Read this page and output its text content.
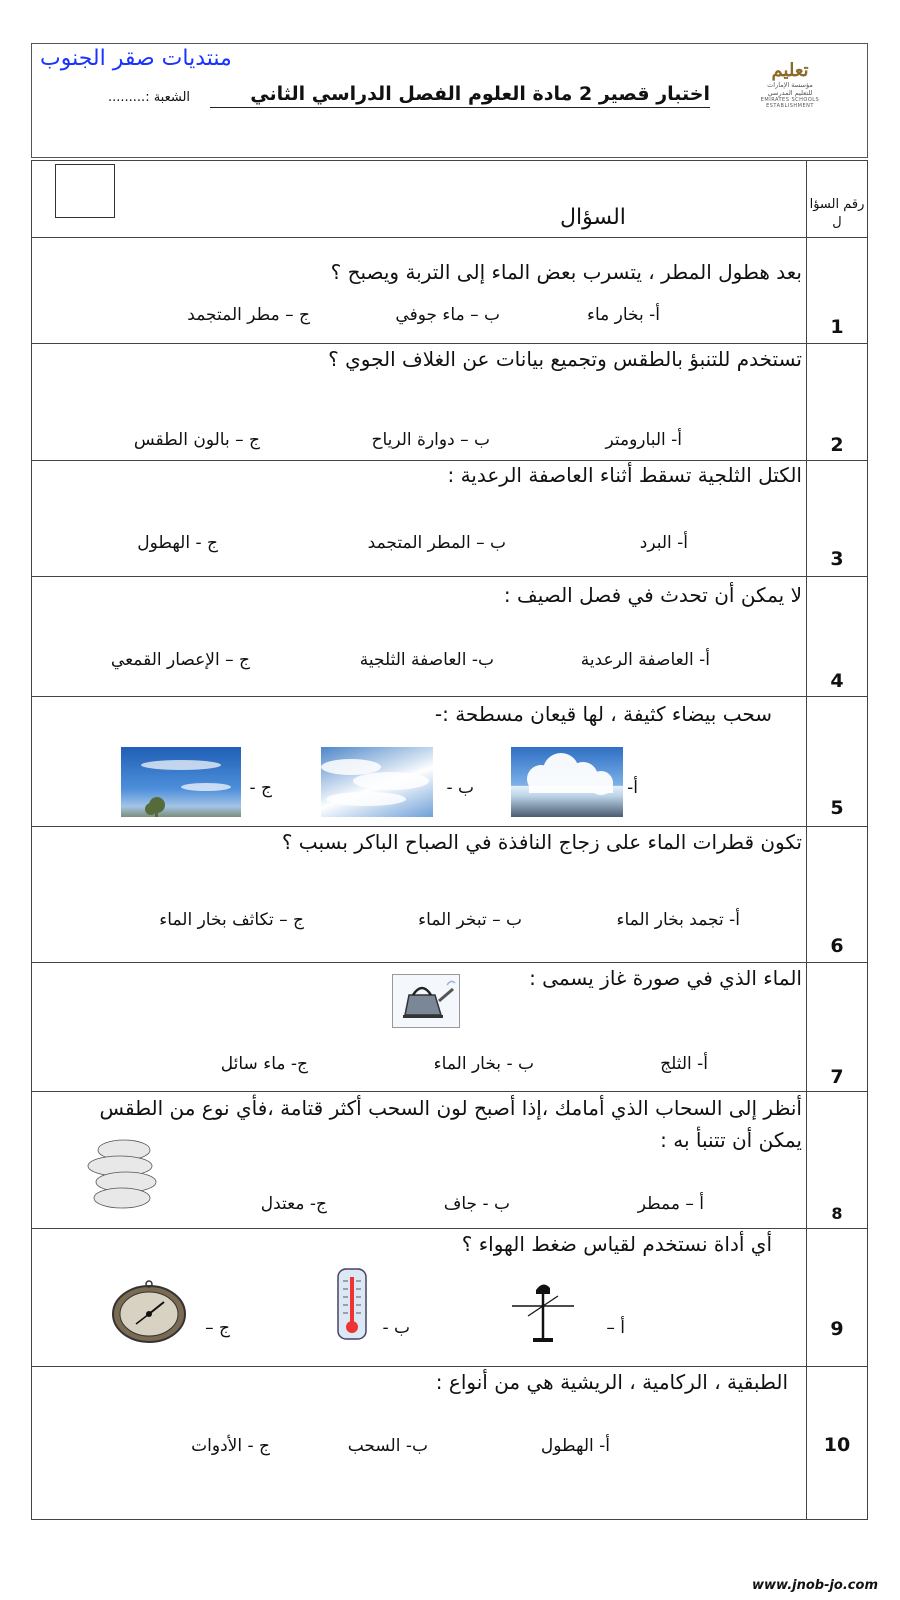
منتديات صقر الجنوب
اختبار قصير 2 مادة العلوم الفصل الدراسي الثاني
الشعبة :.........
تعليم
مؤسسة الإمارات للتعليم المدرسي
EMIRATES SCHOOLS ESTABLISHMENT
السؤال
رقم السؤا ل
1
بعد هطول المطر ، يتسرب بعض الماء إلى التربة ويصبح ؟
أ- بخار ماء
ب – ماء جوفي
ج – مطر المتجمد
2
تستخدم للتنبؤ بالطقس وتجميع بيانات عن الغلاف الجوي ؟
أ- البارومتر
ب – دوارة الرياح
ج – بالون الطقس
3
الكتل الثلجية تسقط أثناء العاصفة الرعدية :
أ- البرد
ب – المطر المتجمد
ج - الهطول
4
لا يمكن أن تحدث في فصل الصيف :
أ- العاصفة الرعدية
ب- العاصفة الثلجية
ج – الإعصار القمعي
5
سحب بيضاء كثيفة ، لها قيعان مسطحة :-
أ-
ب -
ج -
6
تكون قطرات الماء على زجاج النافذة في الصباح الباكر بسبب ؟
أ- تجمد بخار الماء
ب – تبخر الماء
ج – تكاثف بخار الماء
7
الماء الذي في صورة غاز يسمى :
أ- الثلج
ب - بخار الماء
ج- ماء سائل
8
أنظر إلى السحاب الذي أمامك ،إذا أصبح لون السحب أكثر قتامة ،فأي نوع من الطقس
يمكن أن تتنبأ به :
أ – ممطر
ب - جاف
ج- معتدل
9
أي أداة نستخدم لقياس ضغط الهواء ؟
أ –
ب -
ج –
10
الطبقية ، الركامية ، الريشية هي من أنواع :
أ- الهطول
ب- السحب
ج - الأدوات
www.jnob-jo.com
